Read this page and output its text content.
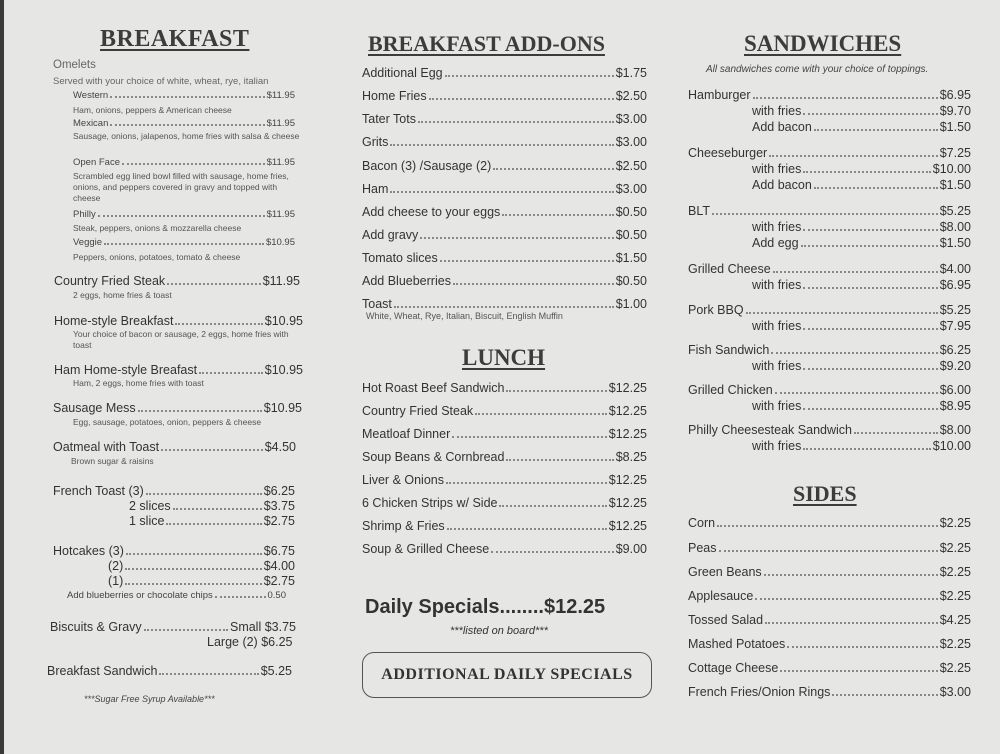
BREAKFAST
Omelets
Served with your choice of white, wheat, rye, italian
Western	$11.95
Ham, onions, peppers & American cheese
Mexican	$11.95
Sausage, onions, jalapenos, home fries with salsa & cheese
Open Face	$11.95
Scrambled egg lined bowl filled with sausage, home fries, onions, and peppers covered in gravy and topped with cheese
Philly	$11.95
Steak, peppers, onions & mozzarella cheese
Veggie	$10.95
Peppers, onions, potatoes, tomato & cheese
Country Fried Steak	$11.95
2 eggs, home fries & toast
Home-style Breakfast	$10.95
Your choice of bacon or sausage, 2 eggs, home fries with toast
Ham Home-style Breafast	$10.95
Ham, 2 eggs, home fries with toast
Sausage Mess	$10.95
Egg, sausage, potatoes, onion, peppers & cheese
Oatmeal with Toast	$4.50
Brown sugar & raisins
French Toast (3)	$6.25
2 slices	$3.75
1 slice	$2.75
Hotcakes (3)	$6.75
(2)	$4.00
(1)	$2.75
Add blueberries or chocolate chips	0.50
Biscuits & Gravy	Small $3.75
Large (2) $6.25
Breakfast Sandwich	$5.25
***Sugar Free Syrup Available***
BREAKFAST ADD-ONS
Additional Egg	$1.75
Home Fries	$2.50
Tater Tots	$3.00
Grits	$3.00
Bacon (3) /Sausage (2)	$2.50
Ham	$3.00
Add cheese to your eggs	$0.50
Add gravy	$0.50
Tomato slices	$1.50
Add Blueberries	$0.50
Toast	$1.00
White, Wheat, Rye, Italian, Biscuit, English Muffin
LUNCH
Hot Roast Beef Sandwich	$12.25
Country Fried Steak	$12.25
Meatloaf Dinner	$12.25
Soup Beans & Cornbread	$8.25
Liver & Onions	$12.25
6 Chicken Strips w/ Side	$12.25
Shrimp & Fries	$12.25
Soup & Grilled Cheese	$9.00
Daily Specials........$12.25
***listed on board***
ADDITIONAL DAILY SPECIALS
SANDWICHES
All sandwiches come with your choice of toppings.
Hamburger	$6.95
with fries	$9.70
Add bacon	$1.50
Cheeseburger	$7.25
with fries	$10.00
Add bacon	$1.50
BLT	$5.25
with fries	$8.00
Add egg	$1.50
Grilled Cheese	$4.00
with fries	$6.95
Pork BBQ	$5.25
with fries	$7.95
Fish Sandwich	$6.25
with fries	$9.20
Grilled Chicken	$6.00
with fries	$8.95
Philly Cheesesteak Sandwich	$8.00
with fries	$10.00
SIDES
Corn	$2.25
Peas	$2.25
Green Beans	$2.25
Applesauce	$2.25
Tossed Salad	$4.25
Mashed Potatoes	$2.25
Cottage Cheese	$2.25
French Fries/Onion Rings	$3.00
